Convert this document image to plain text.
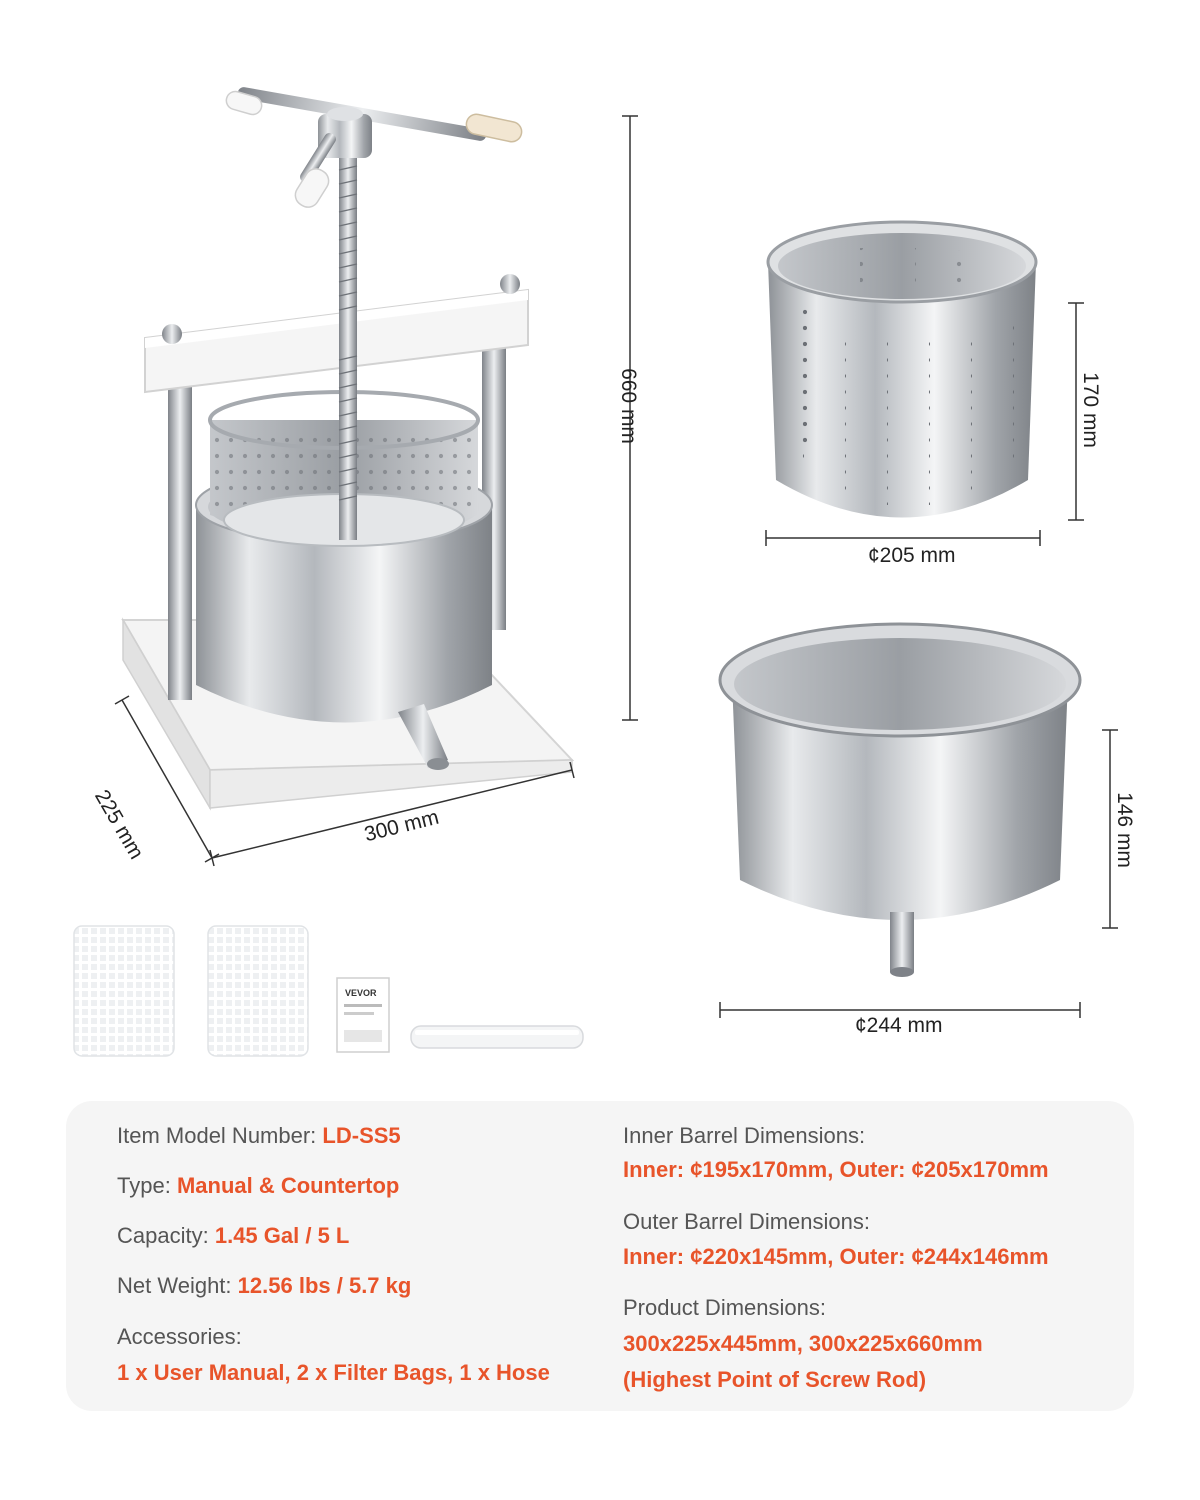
660 mm
225 mm	300 mm
170 mm
¢205 mm
146 mm
¢244 mm
VEVOR
Item Model Number: LD-SS5
Type: Manual & Countertop
Capacity: 1.45 Gal / 5 L
Net Weight: 12.56 lbs / 5.7 kg
Accessories:
1 x User Manual, 2 x Filter Bags, 1 x Hose
Inner Barrel Dimensions:
Inner: ¢195x170mm, Outer: ¢205x170mm
Outer Barrel Dimensions:
Inner: ¢220x145mm, Outer: ¢244x146mm
Product Dimensions:
300x225x445mm, 300x225x660mm
(Highest Point of Screw Rod)
